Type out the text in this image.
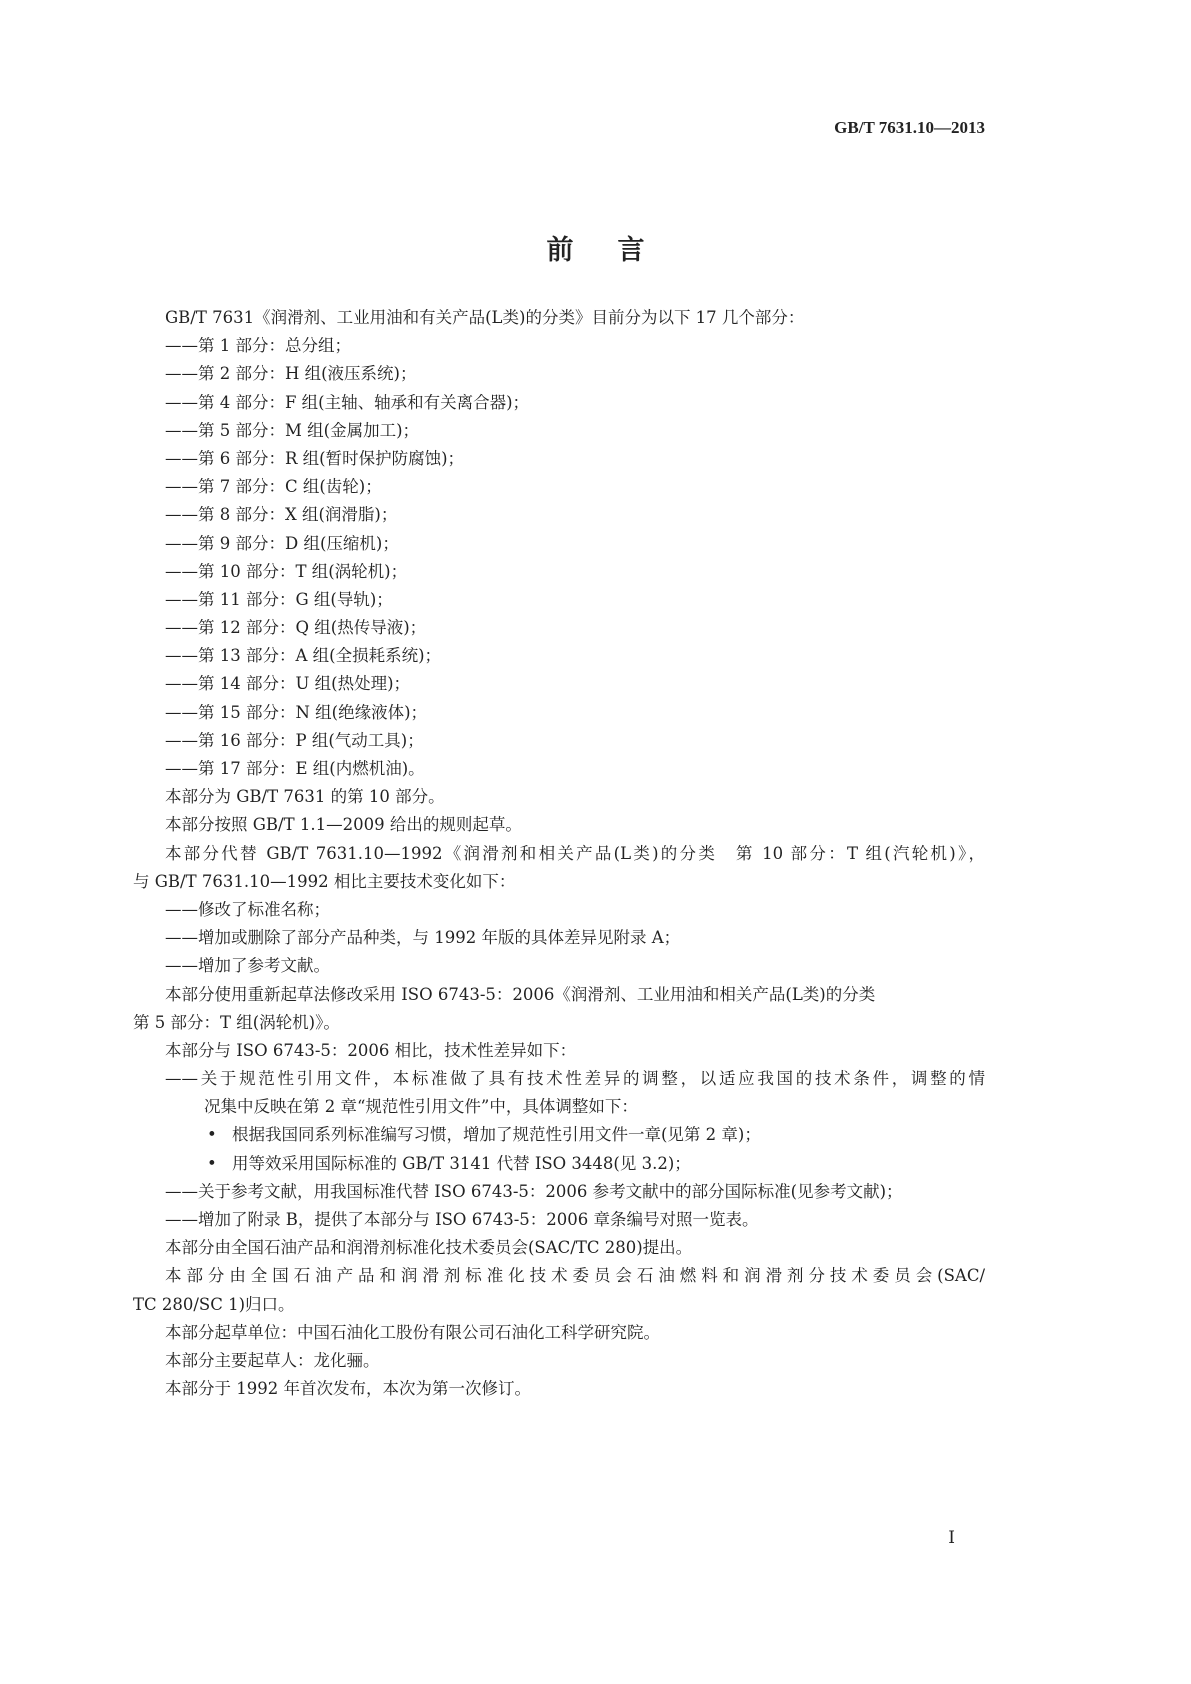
GB/T 7631.10—2013
前言
GB/T 7631《润滑剂、工业用油和有关产品(L类)的分类》目前分为以下 17 几个部分：
——第 1 部分：总分组；
——第 2 部分：H 组(液压系统)；
——第 4 部分：F 组(主轴、轴承和有关离合器)；
——第 5 部分：M 组(金属加工)；
——第 6 部分：R 组(暂时保护防腐蚀)；
——第 7 部分：C 组(齿轮)；
——第 8 部分：X 组(润滑脂)；
——第 9 部分：D 组(压缩机)；
——第 10 部分：T 组(涡轮机)；
——第 11 部分：G 组(导轨)；
——第 12 部分：Q 组(热传导液)；
——第 13 部分：A 组(全损耗系统)；
——第 14 部分：U 组(热处理)；
——第 15 部分：N 组(绝缘液体)；
——第 16 部分：P 组(气动工具)；
——第 17 部分：E 组(内燃机油)。
本部分为 GB/T 7631 的第 10 部分。
本部分按照 GB/T 1.1—2009 给出的规则起草。
本部分代替 GB/T 7631.10—1992《润滑剂和相关产品(L类)的分类　第 10 部分：T 组(汽轮机)》，
与 GB/T 7631.10—1992 相比主要技术变化如下：
——修改了标准名称；
——增加或删除了部分产品种类，与 1992 年版的具体差异见附录 A；
——增加了参考文献。
本部分使用重新起草法修改采用 ISO 6743-5：2006《润滑剂、工业用油和相关产品(L类)的分类
第 5 部分：T 组(涡轮机)》。
本部分与 ISO 6743-5：2006 相比，技术性差异如下：
——关于规范性引用文件，本标准做了具有技术性差异的调整，以适应我国的技术条件，调整的情
况集中反映在第 2 章“规范性引用文件”中，具体调整如下：
• 根据我国同系列标准编写习惯，增加了规范性引用文件一章(见第 2 章)；
• 用等效采用国际标准的 GB/T 3141 代替 ISO 3448(见 3.2)；
——关于参考文献，用我国标准代替 ISO 6743-5：2006 参考文献中的部分国际标准(见参考文献)；
——增加了附录 B，提供了本部分与 ISO 6743-5：2006 章条编号对照一览表。
本部分由全国石油产品和润滑剂标准化技术委员会(SAC/TC 280)提出。
本部分由全国石油产品和润滑剂标准化技术委员会石油燃料和润滑剂分技术委员会(SAC/
TC 280/SC 1)归口。
本部分起草单位：中国石油化工股份有限公司石油化工科学研究院。
本部分主要起草人：龙化骊。
本部分于 1992 年首次发布，本次为第一次修订。
I
